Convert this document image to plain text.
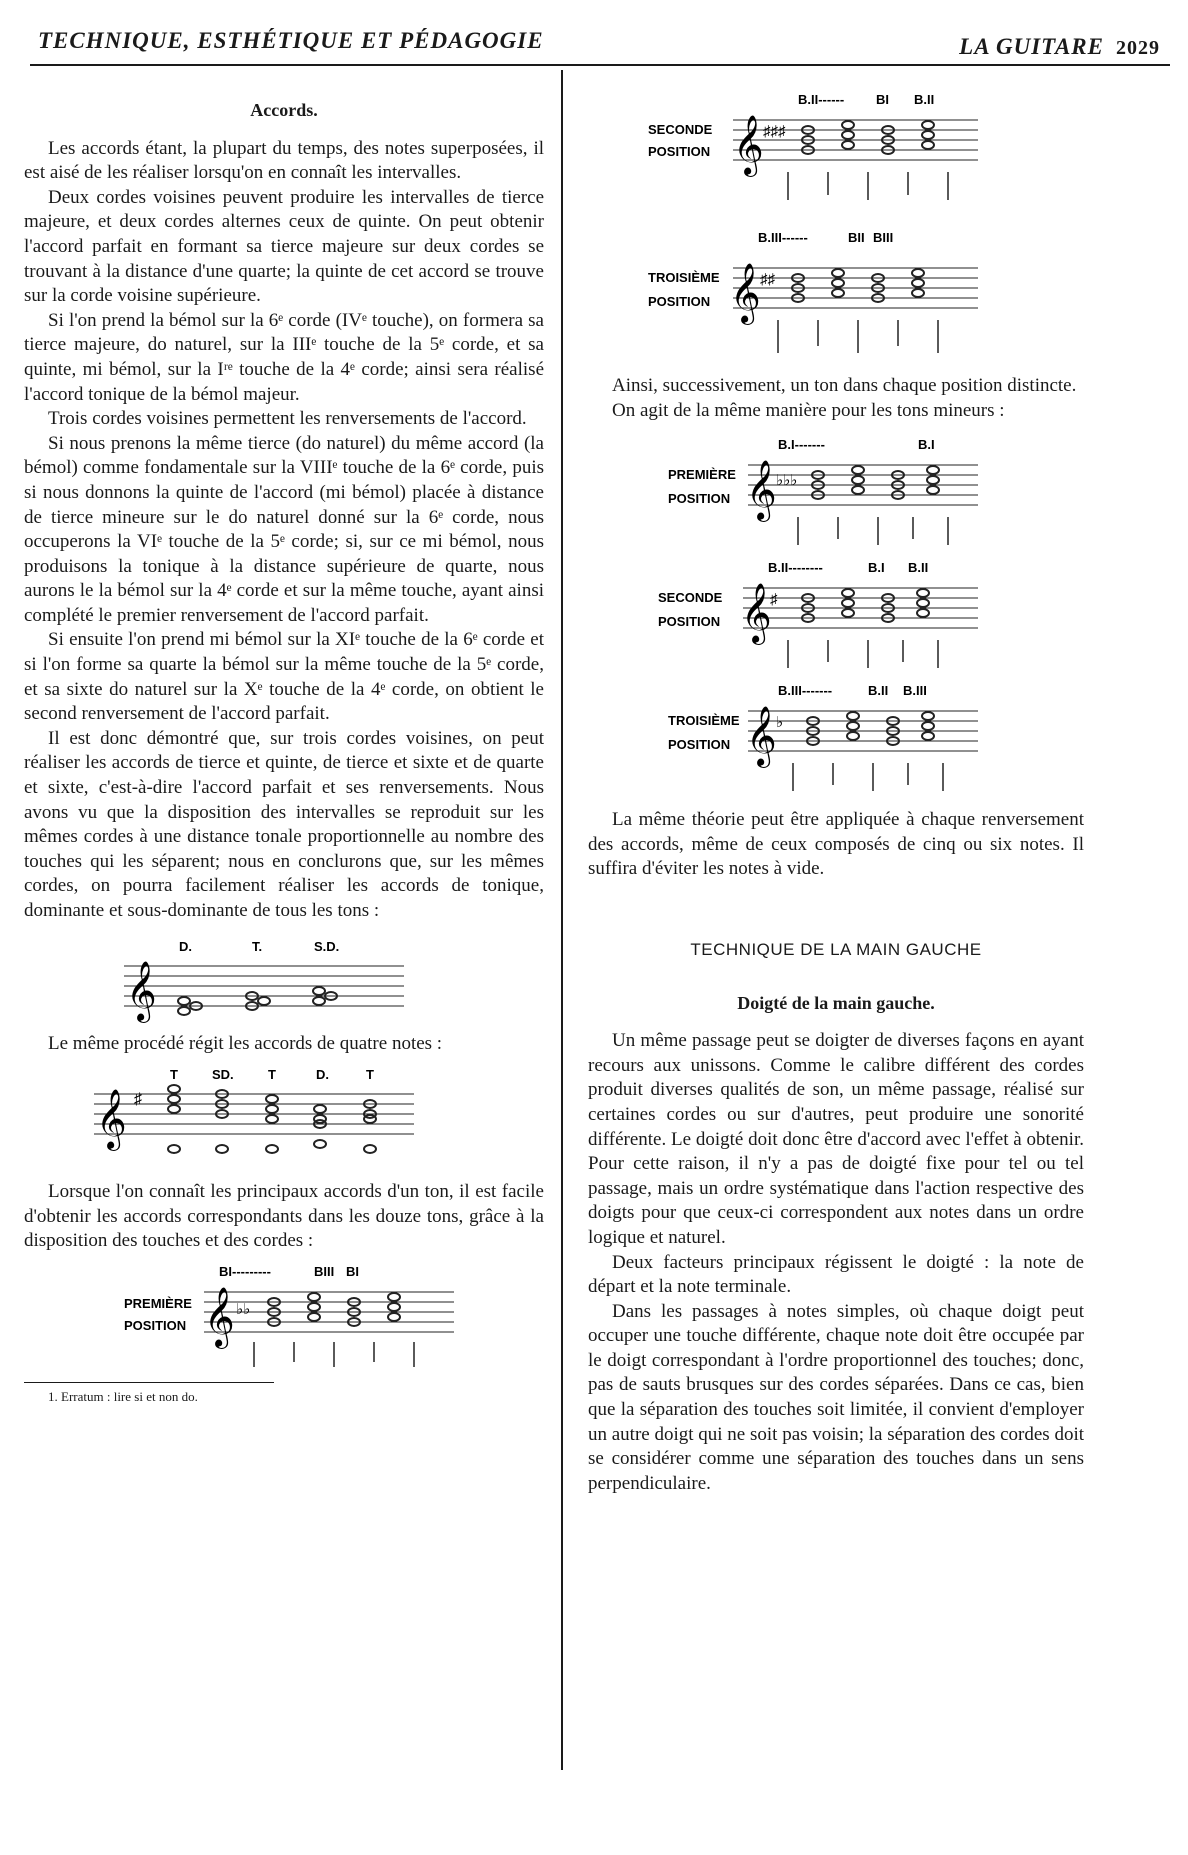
TECHNIQUE, ESTHÉTIQUE ET PÉDAGOGIE	LA GUITARE 2029
Accords.

Les accords étant, la plupart du temps, des notes superposées, il est aisé de les réaliser lorsqu'on en connaît les intervalles.

Deux cordes voisines peuvent produire les intervalles de tierce majeure, et deux cordes alternes ceux de quinte. On peut obtenir l'accord parfait en formant sa tierce majeure sur deux cordes se trouvant à la distance d'une quarte; la quinte de cet accord se trouve sur la corde voisine supérieure.

Si l'on prend la bémol sur la 6ᵉ corde (IVᵉ touche), on formera sa tierce majeure, do naturel, sur la IIIᵉ touche de la 5ᵉ corde, et sa quinte, mi bémol, sur la Iʳᵉ touche de la 4ᵉ corde; ainsi sera réalisé l'accord tonique de la bémol majeur.

Trois cordes voisines permettent les renversements de l'accord.

Si nous prenons la même tierce (do naturel) du même accord (la bémol) comme fondamentale sur la VIIIᵉ touche de la 6ᵉ corde, puis si nous donnons la quinte de l'accord (mi bémol) placée à distance de tierce mineure sur le do naturel donné sur la 6ᵉ corde, nous occuperons la VIᵉ touche de la 5ᵉ corde; si, sur ce mi bémol, nous produisons la tonique à la distance supérieure de quarte, nous aurons le la bémol sur la 4ᵉ corde et sur la même touche, ayant ainsi complété le premier renversement de l'accord parfait.

Si ensuite l'on prend mi bémol sur la XIᵉ touche de la 6ᵉ corde et si l'on forme sa quarte la bémol sur la même touche de la 5ᵉ corde, et sa sixte do naturel sur la Xᵉ touche de la 4ᵉ corde, on obtient le second renversement de l'accord parfait.

Il est donc démontré que, sur trois cordes voisines, on peut réaliser les accords de tierce et quinte, de tierce et sixte et de quarte et sixte, c'est-à-dire l'accord parfait et ses renversements. Nous avons vu que la disposition des intervalles se reproduit sur les mêmes cordes à une distance tonale proportionnelle au nombre des touches qui les séparent; nous en conclurons que, sur les mêmes cordes, on pourra facilement réaliser les accords de tonique, dominante et sous-dominante de tous les tons :

𝄞
D.	T.	S.D.

Le même procédé régit les accords de quatre notes :

𝄞 ♯
T	SD.	T	D.	T

Lorsque l'on connaît les principaux accords d'un ton, il est facile d'obtenir les accords correspondants dans les douze tons, grâce à la disposition des touches et des cordes :

BI---------	BIII BI
PREMIÈRE
POSITION 𝄞 ♭♭

1. Erratum : lire si et non do.

B.II------ BI B.II
SECONDE
POSITION 𝄞 ♯♯♯
B.III------	BII BIII
TROISIÈME
POSITION 𝄞 ♯♯

Ainsi, successivement, un ton dans chaque position distincte.

On agit de la même manière pour les tons mineurs :

B.I-------	B.I
PREMIÈRE
POSITION 𝄞 ♭♭♭
B.II--------	B.I B.II
SECONDE
POSITION 𝄞
♯
B.III-------	B.II B.III
TROISIÈME
POSITION 𝄞 ♭

La même théorie peut être appliquée à chaque renversement des accords, même de ceux composés de cinq ou six notes. Il suffira d'éviter les notes à vide.

TECHNIQUE DE LA MAIN GAUCHE
Doigté de la main gauche.

Un même passage peut se doigter de diverses façons en ayant recours aux unissons. Comme le calibre différent des cordes produit diverses qualités de son, un même passage, réalisé sur certaines cordes ou sur d'autres, peut produire une sonorité différente. Le doigté doit donc être d'accord avec l'effet à obtenir. Pour cette raison, il n'y a pas de doigté fixe pour tel ou tel passage, mais un ordre systématique dans l'action respective des doigts pour que ceux-ci correspondent aux notes dans un ordre logique et naturel.

Deux facteurs principaux régissent le doigté : la note de départ et la note terminale.

Dans les passages à notes simples, où chaque doigt peut occuper une touche différente, chaque note doit être occupée par le doigt correspondant à l'ordre proportionnel des touches; donc, pas de sauts brusques sur des cordes séparées. Dans ce cas, bien que la séparation des touches soit limitée, il convient d'employer un autre doigt qui ne soit pas voisin; la séparation des cordes doit se considérer comme une séparation des touches dans un sens perpendiculaire.
